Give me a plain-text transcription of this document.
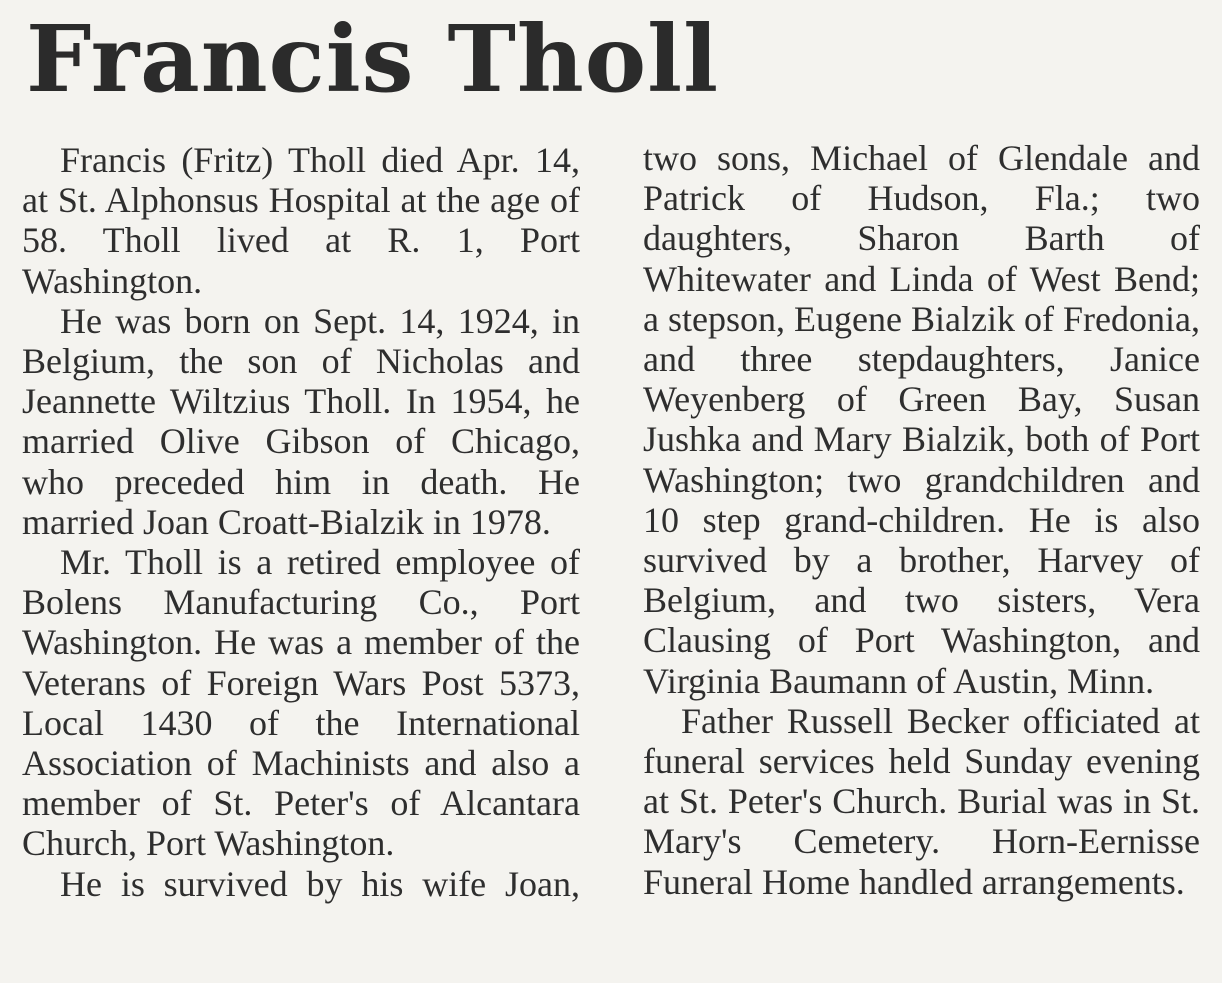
Francis Tholl

Francis (Fritz) Tholl died Apr. 14, at St. Alphonsus Hospital at the age of 58. Tholl lived at R. 1, Port Washington.

He was born on Sept. 14, 1924, in Belgium, the son of Nicholas and Jeannette Wiltzius Tholl. In 1954, he married Olive Gibson of Chicago, who preceded him in death. He married Joan Croatt-Bialzik in 1978.

Mr. Tholl is a retired employee of Bolens Manufacturing Co., Port Washington. He was a member of the Veterans of Foreign Wars Post 5373, Local 1430 of the International Association of Machinists and also a member of St. Peter's of Alcantara Church, Port Washington.

He is survived by his wife Joan,

two sons, Michael of Glendale and Patrick of Hudson, Fla.; two daughters, Sharon Barth of Whitewater and Linda of West Bend; a stepson, Eugene Bialzik of Fredonia, and three stepdaughters, Janice Weyenberg of Green Bay, Susan Jushka and Mary Bialzik, both of Port Washington; two grandchildren and 10 step grand-children. He is also survived by a brother, Harvey of Belgium, and two sisters, Vera Clausing of Port Washington, and Virginia Baumann of Austin, Minn.

Father Russell Becker officiated at funeral services held Sunday evening at St. Peter's Church. Burial was in St. Mary's Cemetery. Horn-Eernisse Funeral Home handled arrangements.
